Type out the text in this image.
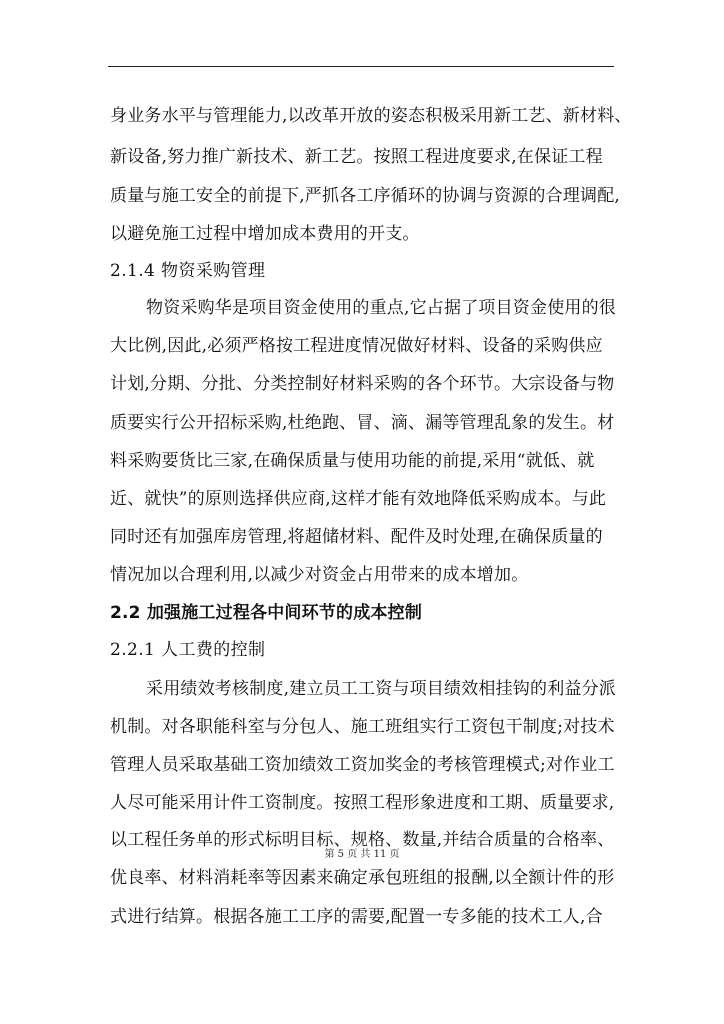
身业务水平与管理能力,以改革开放的姿态积极采用新工艺、新材料、
新设备,努力推广新技术、新工艺。按照工程进度要求,在保证工程
质量与施工安全的前提下,严抓各工序循环的协调与资源的合理调配,
以避免施工过程中增加成本费用的开支。
2.1.4 物资采购管理
物资采购华是项目资金使用的重点,它占据了项目资金使用的很
大比例,因此,必须严格按工程进度情况做好材料、设备的采购供应
计划,分期、分批、分类控制好材料采购的各个环节。大宗设备与物
质要实行公开招标采购,杜绝跑、冒、滴、漏等管理乱象的发生。材
料采购要货比三家,在确保质量与使用功能的前提,采用“就低、就
近、就快”的原则选择供应商,这样才能有效地降低采购成本。与此
同时还有加强库房管理,将超储材料、配件及时处理,在确保质量的
情况加以合理利用,以减少对资金占用带来的成本增加。
2.2 加强施工过程各中间环节的成本控制
2.2.1 人工费的控制
采用绩效考核制度,建立员工工资与项目绩效相挂钩的利益分派
机制。对各职能科室与分包人、施工班组实行工资包干制度;对技术
管理人员采取基础工资加绩效工资加奖金的考核管理模式;对作业工
人尽可能采用计件工资制度。按照工程形象进度和工期、质量要求,
以工程任务单的形式标明目标、规格、数量,并结合质量的合格率、
优良率、材料消耗率等因素来确定承包班组的报酬,以全额计件的形
式进行结算。根据各施工工序的需要,配置一专多能的技术工人,合
第 5 页 共 11 页
